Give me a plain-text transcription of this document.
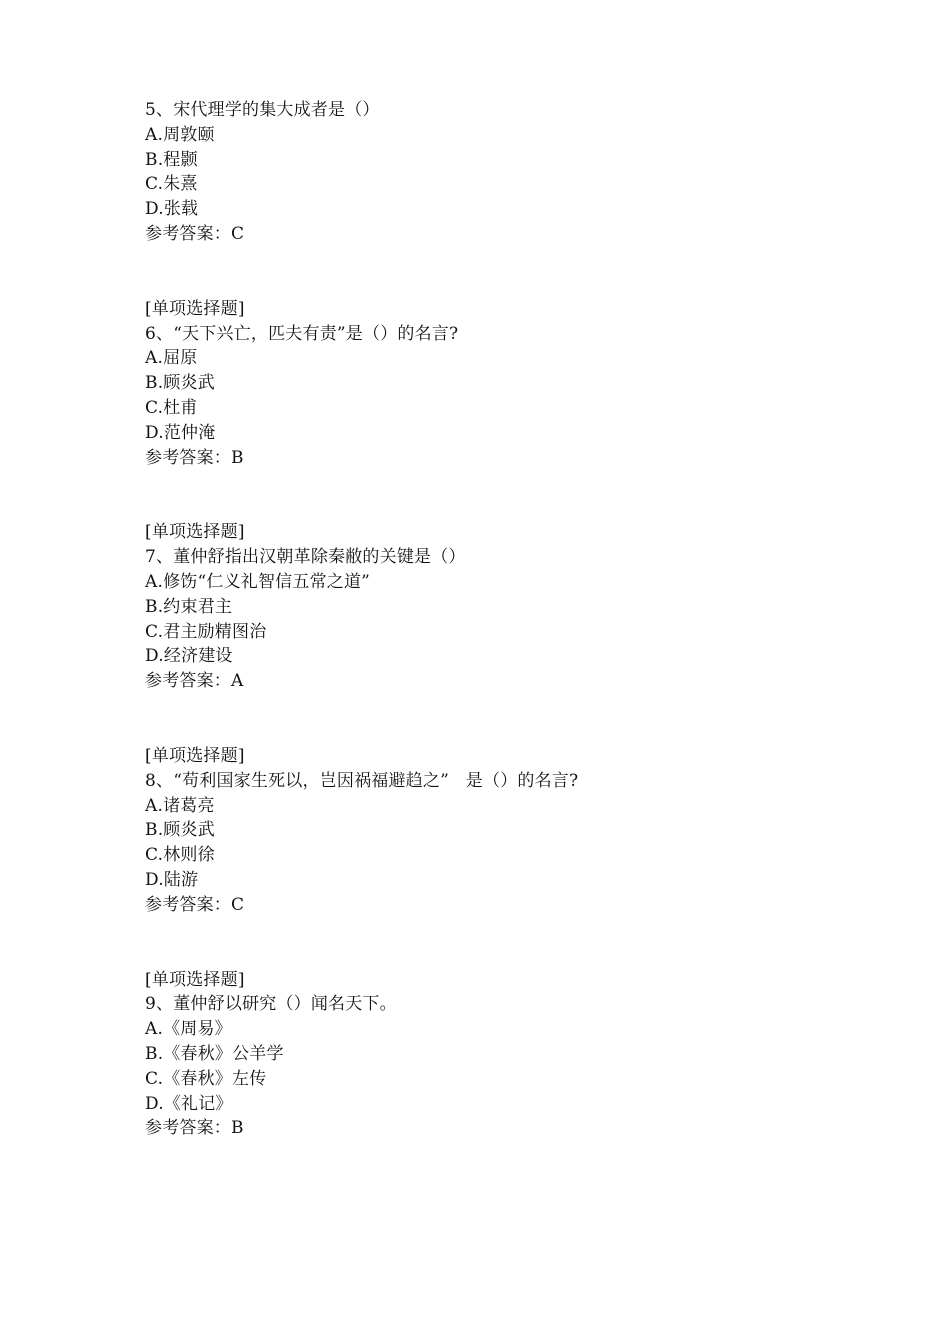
5、宋代理学的集大成者是（）
A.周敦颐
B.程颢
C.朱熹
D.张载
参考答案：C
[单项选择题]
6、“天下兴亡，匹夫有责”是（）的名言?
A.屈原
B.顾炎武
C.杜甫
D.范仲淹
参考答案：B
[单项选择题]
7、董仲舒指出汉朝革除秦敝的关键是（）
A.修饬“仁义礼智信五常之道”
B.约束君主
C.君主励精图治
D.经济建设
参考答案：A
[单项选择题]
8、“苟利国家生死以，岂因祸福避趋之”   是（）的名言?
A.诸葛亮
B.顾炎武
C.林则徐
D.陆游
参考答案：C
[单项选择题]
9、董仲舒以研究（）闻名天下。
A.《周易》
B.《春秋》公羊学
C.《春秋》左传
D.《礼记》
参考答案：B
